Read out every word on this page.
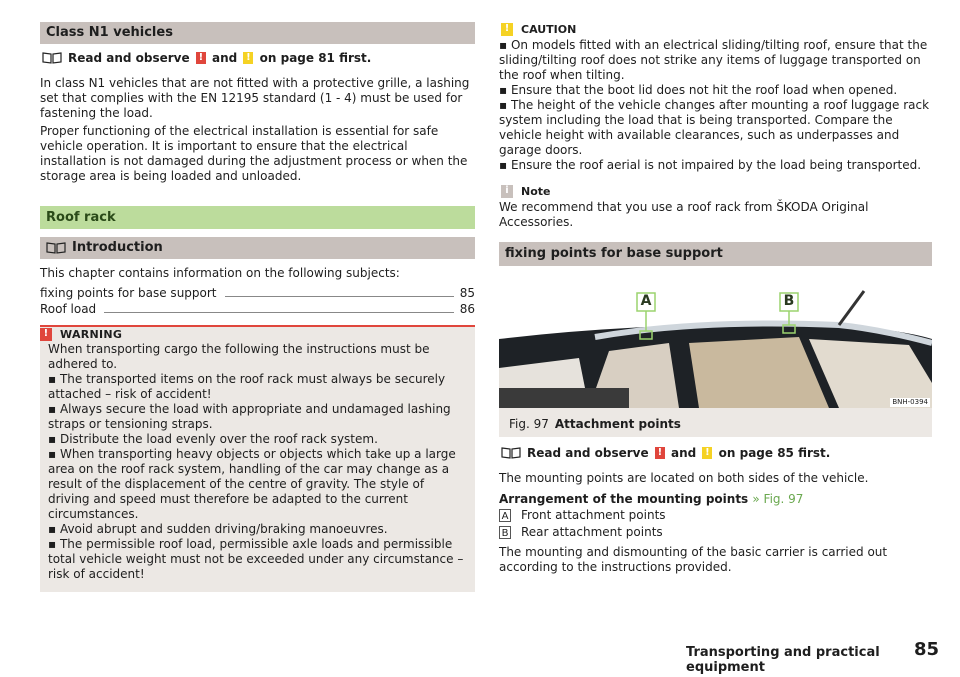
Class N1 vehicles
Read and observe
!
and
!
on page 81 first.

In class N1 vehicles that are not fitted with a protective grille, a lashing set that complies with the EN 12195 standard (1 - 4) must be used for fastening the load.

Proper functioning of the electrical installation is essential for safe vehicle operation. It is important to ensure that the electrical installation is not damaged during the adjustment process or when the storage area is being loaded and unloaded.

Roof rack
Introduction

This chapter contains information on the following subjects:

fixing points for base support	85
Roof load	86
!	WARNING

When transporting cargo the following the instructions must be adhered to.

▪ The transported items on the roof rack must always be securely attached – risk of accident!

▪ Always secure the load with appropriate and undamaged lashing straps or tensioning straps.

▪ Distribute the load evenly over the roof rack system.

▪ When transporting heavy objects or objects which take up a large area on the roof rack system, handling of the car may change as a result of the displacement of the centre of gravity. The style of driving and speed must therefore be adapted to the current circumstances.

▪ Avoid abrupt and sudden driving/braking manoeuvres.

▪ The permissible roof load, permissible axle loads and permissible total vehicle weight must not be exceeded under any circumstance – risk of accident!

!	CAUTION

▪ On models fitted with an electrical sliding/tilting roof, ensure that the sliding/tilting roof does not strike any items of luggage transported on the roof when tilting.

▪ Ensure that the boot lid does not hit the roof load when opened.

▪ The height of the vehicle changes after mounting a roof luggage rack system including the load that is being transported. Compare the vehicle height with available clearances, such as underpasses and garage doors.

▪ Ensure the roof aerial is not impaired by the load being transported.

i	Note

We recommend that you use a roof rack from ŠKODA Original Accessories.

fixing points for base support
A	B
BNH-0394
Fig. 97 Attachment points
Read and observe
!
and
!
on page 85 first.

The mounting points are located on both sides of the vehicle.

Arrangement of the mounting points » Fig. 97

A Front attachment points
B Rear attachment points

The mounting and dismounting of the basic carrier is carried out according to the instructions provided.

Transporting and practical equipment
85
